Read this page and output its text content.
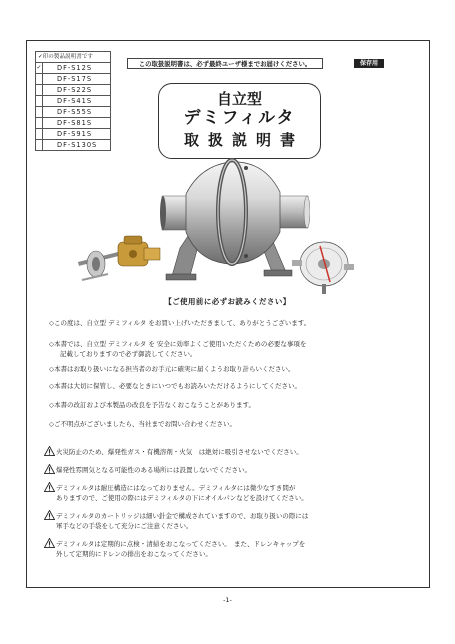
✓印の製品説明書です	
✓	DF-S12S
	DF-S17S
	DF-S22S
	DF-S41S
	DF-S55S
	DF-S81S
	DF-S91S
	DF-S130S
この取扱説明書は、必ず最終ユーザ様までお届けください。	保存用
自立型
デミフィルタ
取扱説明書
【ご使用前に必ずお読みください】
◇この度は、自立型 デミフィルタ をお買い上げいただきまして、ありがとうございます。
◇本書では、自立型 デミフィルタ を 安全に効率よくご使用いただくための必要な事項を
記載しておりますので必ず御読してください。
◇本書はお取り扱いになる担当者のお手元に確実に届くようお取り計らいください。
◇本書は大切に保管し、必要なときにいつでもお読みいただけるようにしてください。
◇本書の改訂および本製品の改良を予告なくおこなうことがあります。
◇ご不明点がございましたら、当社までお問い合わせください。
火災防止のため、爆発性ガス・有機溶剤・火気　は絶対に吸引させないでください。
爆発性雰囲気となる可能性のある場所には設置しないでください。
デミフィルタは耐圧構造にはなっておりません。デミフィルタには微少なすき間が
ありますので、ご使用の際にはデミフィルタの下にオイルパンなどを設けてください。
デミフィルタのカートリッジは細い針金で構成されていますので、お取り扱いの際には
軍手などの手袋をして充分にご注意ください。
デミフィルタは定期的に点検・清掃をおこなってください。　また、ドレンキャップを
外して定期的にドレンの排出をおこなってください。
-1-
